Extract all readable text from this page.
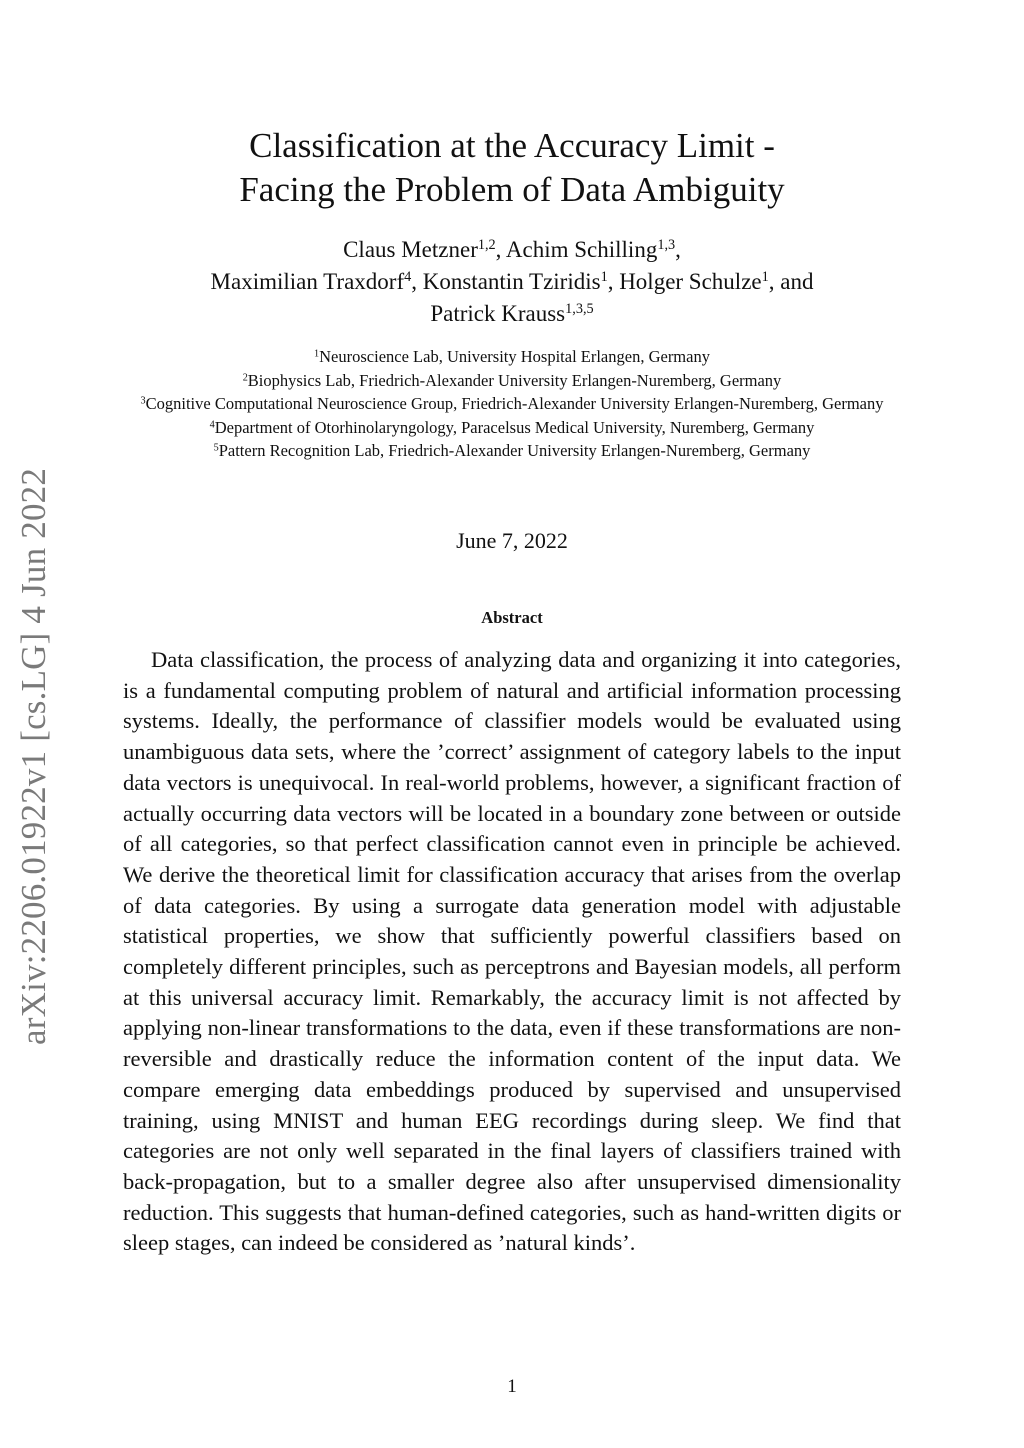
arXiv:2206.01922v1 [cs.LG] 4 Jun 2022
Classification at the Accuracy Limit -
Facing the Problem of Data Ambiguity
Claus Metzner$^{1,2}$, Achim Schilling$^{1,3}$,
Maximilian Traxdorf$^4$, Konstantin Tziridis$^1$, Holger Schulze$^1$, and
Patrick Krauss$^{1,3,5}$
$^1$Neuroscience Lab, University Hospital Erlangen, Germany
$^2$Biophysics Lab, Friedrich-Alexander University Erlangen-Nuremberg, Germany
$^3$Cognitive Computational Neuroscience Group, Friedrich-Alexander University Erlangen-Nuremberg, Germany
$^4$Department of Otorhinolaryngology, Paracelsus Medical University, Nuremberg, Germany
$^5$Pattern Recognition Lab, Friedrich-Alexander University Erlangen-Nuremberg, Germany
June 7, 2022
Abstract
Data classification, the process of analyzing data and organizing it into categories, is a fundamental computing problem of natural and artificial information processing systems. Ideally, the performance of classifier models would be evaluated using unambiguous data sets, where the ’correct’ assignment of category labels to the input data vectors is unequivocal. In real-world problems, however, a significant fraction of actually occurring data vectors will be located in a boundary zone between or outside of all categories, so that perfect classification cannot even in principle be achieved. We derive the theoretical limit for classification accuracy that arises from the overlap of data categories. By using a surrogate data generation model with adjustable statistical properties, we show that sufficiently powerful classifiers based on completely different principles, such as perceptrons and Bayesian models, all perform at this universal accuracy limit. Remarkably, the accuracy limit is not affected by applying non-linear transformations to the data, even if these transformations are non-reversible and drastically reduce the information content of the input data. We compare emerging data embeddings produced by supervised and unsupervised training, using MNIST and human EEG recordings during sleep. We find that categories are not only well separated in the final layers of classifiers trained with back-propagation, but to a smaller degree also after unsupervised dimensionality reduction. This suggests that human-defined categories, such as hand-written digits or sleep stages, can indeed be considered as ’natural kinds’.
1
